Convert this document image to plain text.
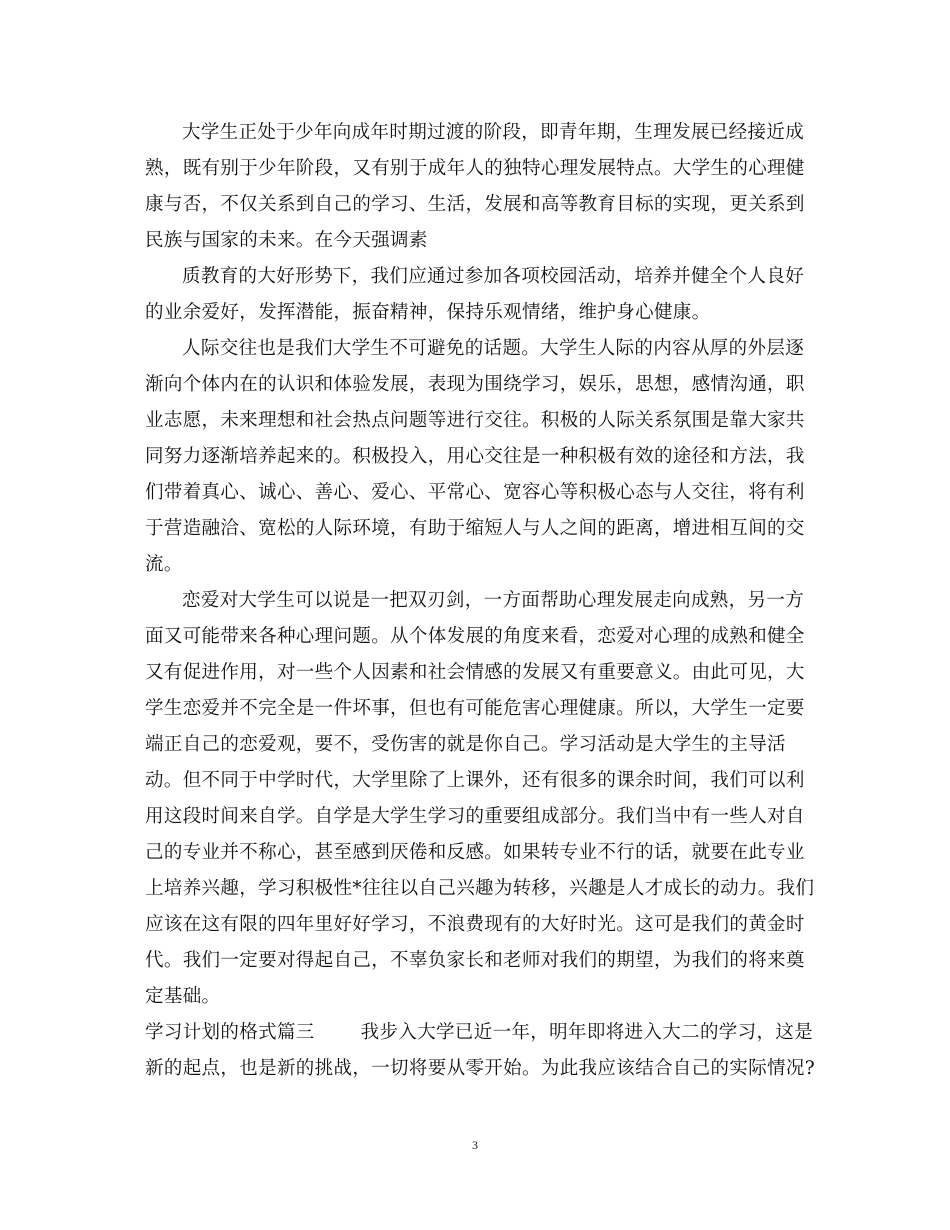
大学生正处于少年向成年时期过渡的阶段，即青年期，生理发展已经接近成
熟，既有别于少年阶段，又有别于成年人的独特心理发展特点。大学生的心理健
康与否，不仅关系到自己的学习、生活，发展和高等教育目标的实现，更关系到
民族与国家的未来。在今天强调素
质教育的大好形势下，我们应通过参加各项校园活动，培养并健全个人良好
的业余爱好，发挥潜能，振奋精神，保持乐观情绪，维护身心健康。
人际交往也是我们大学生不可避免的话题。大学生人际的内容从厚的外层逐
渐向个体内在的认识和体验发展，表现为围绕学习，娱乐，思想，感情沟通，职
业志愿，未来理想和社会热点问题等进行交往。积极的人际关系氛围是靠大家共
同努力逐渐培养起来的。积极投入，用心交往是一种积极有效的途径和方法，我
们带着真心、诚心、善心、爱心、平常心、宽容心等积极心态与人交往，将有利
于营造融洽、宽松的人际环境，有助于缩短人与人之间的距离，增进相互间的交
流。
恋爱对大学生可以说是一把双刃剑，一方面帮助心理发展走向成熟，另一方
面又可能带来各种心理问题。从个体发展的角度来看，恋爱对心理的成熟和健全
又有促进作用，对一些个人因素和社会情感的发展又有重要意义。由此可见，大
学生恋爱并不完全是一件坏事，但也有可能危害心理健康。所以，大学生一定要
端正自己的恋爱观，要不，受伤害的就是你自己。学习活动是大学生的主导活
动。但不同于中学时代，大学里除了上课外，还有很多的课余时间，我们可以利
用这段时间来自学。自学是大学生学习的重要组成部分。我们当中有一些人对自
己的专业并不称心，甚至感到厌倦和反感。如果转专业不行的话，就要在此专业
上培养兴趣，学习积极性*往往以自己兴趣为转移，兴趣是人才成长的动力。我们
应该在这有限的四年里好好学习，不浪费现有的大好时光。这可是我们的黄金时
代。我们一定要对得起自己，不辜负家长和老师对我们的期望，为我们的将来奠
定基础。
学习计划的格式篇三 我步入大学已近一年，明年即将进入大二的学习，这是
新的起点，也是新的挑战，一切将要从零开始。为此我应该结合自己的实际情况?
3
